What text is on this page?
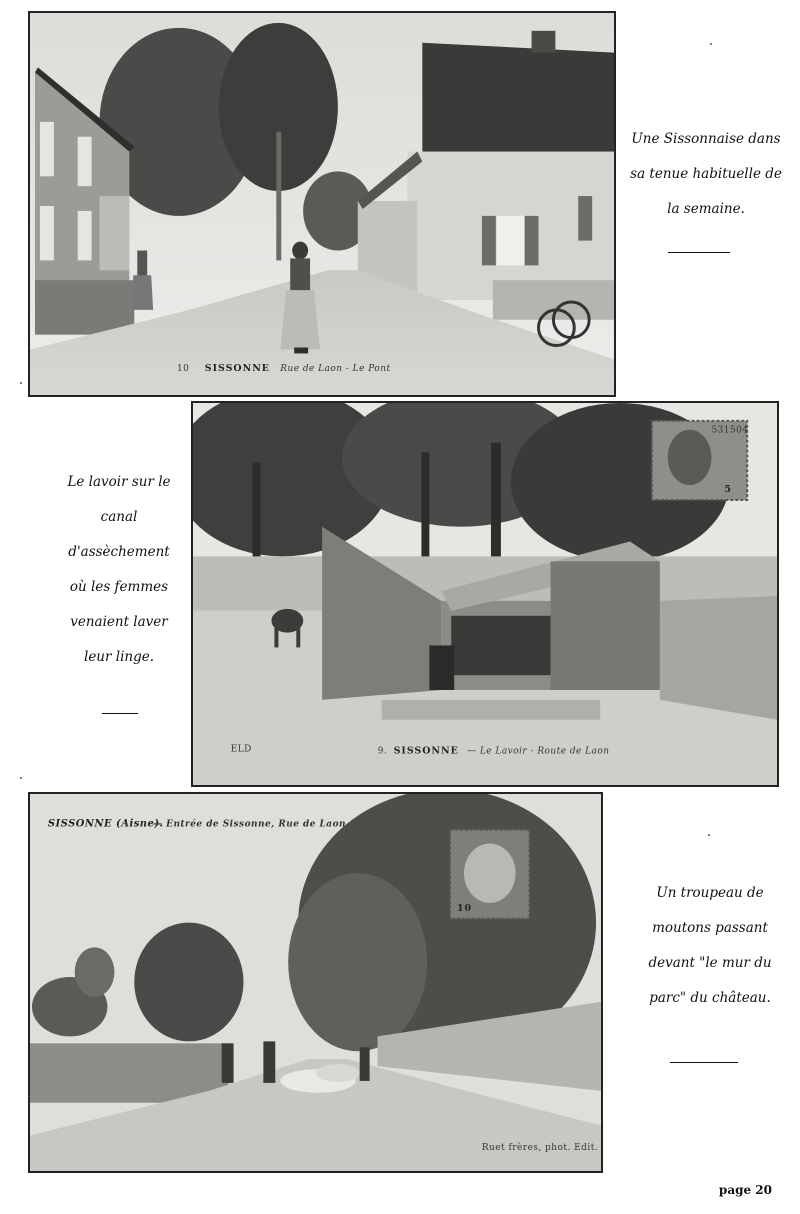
10 SISSONNE Rue de Laon - Le Pont
Une Sissonnaise dans
sa tenue habituelle de
la semaine.
531504
5
ELD	9. SISSONNE — Le Lavoir - Route de Laon
Le lavoir sur le
canal
d'assèchement
où les femmes
venaient laver
leur linge.
10
SISSONNE (Aisne).
— Entrée de Sissonne, Rue de Laon.
Ruet frères, phot. Edit.
Un troupeau de
moutons passant
devant "le mur du
parc" du château.
page 20
